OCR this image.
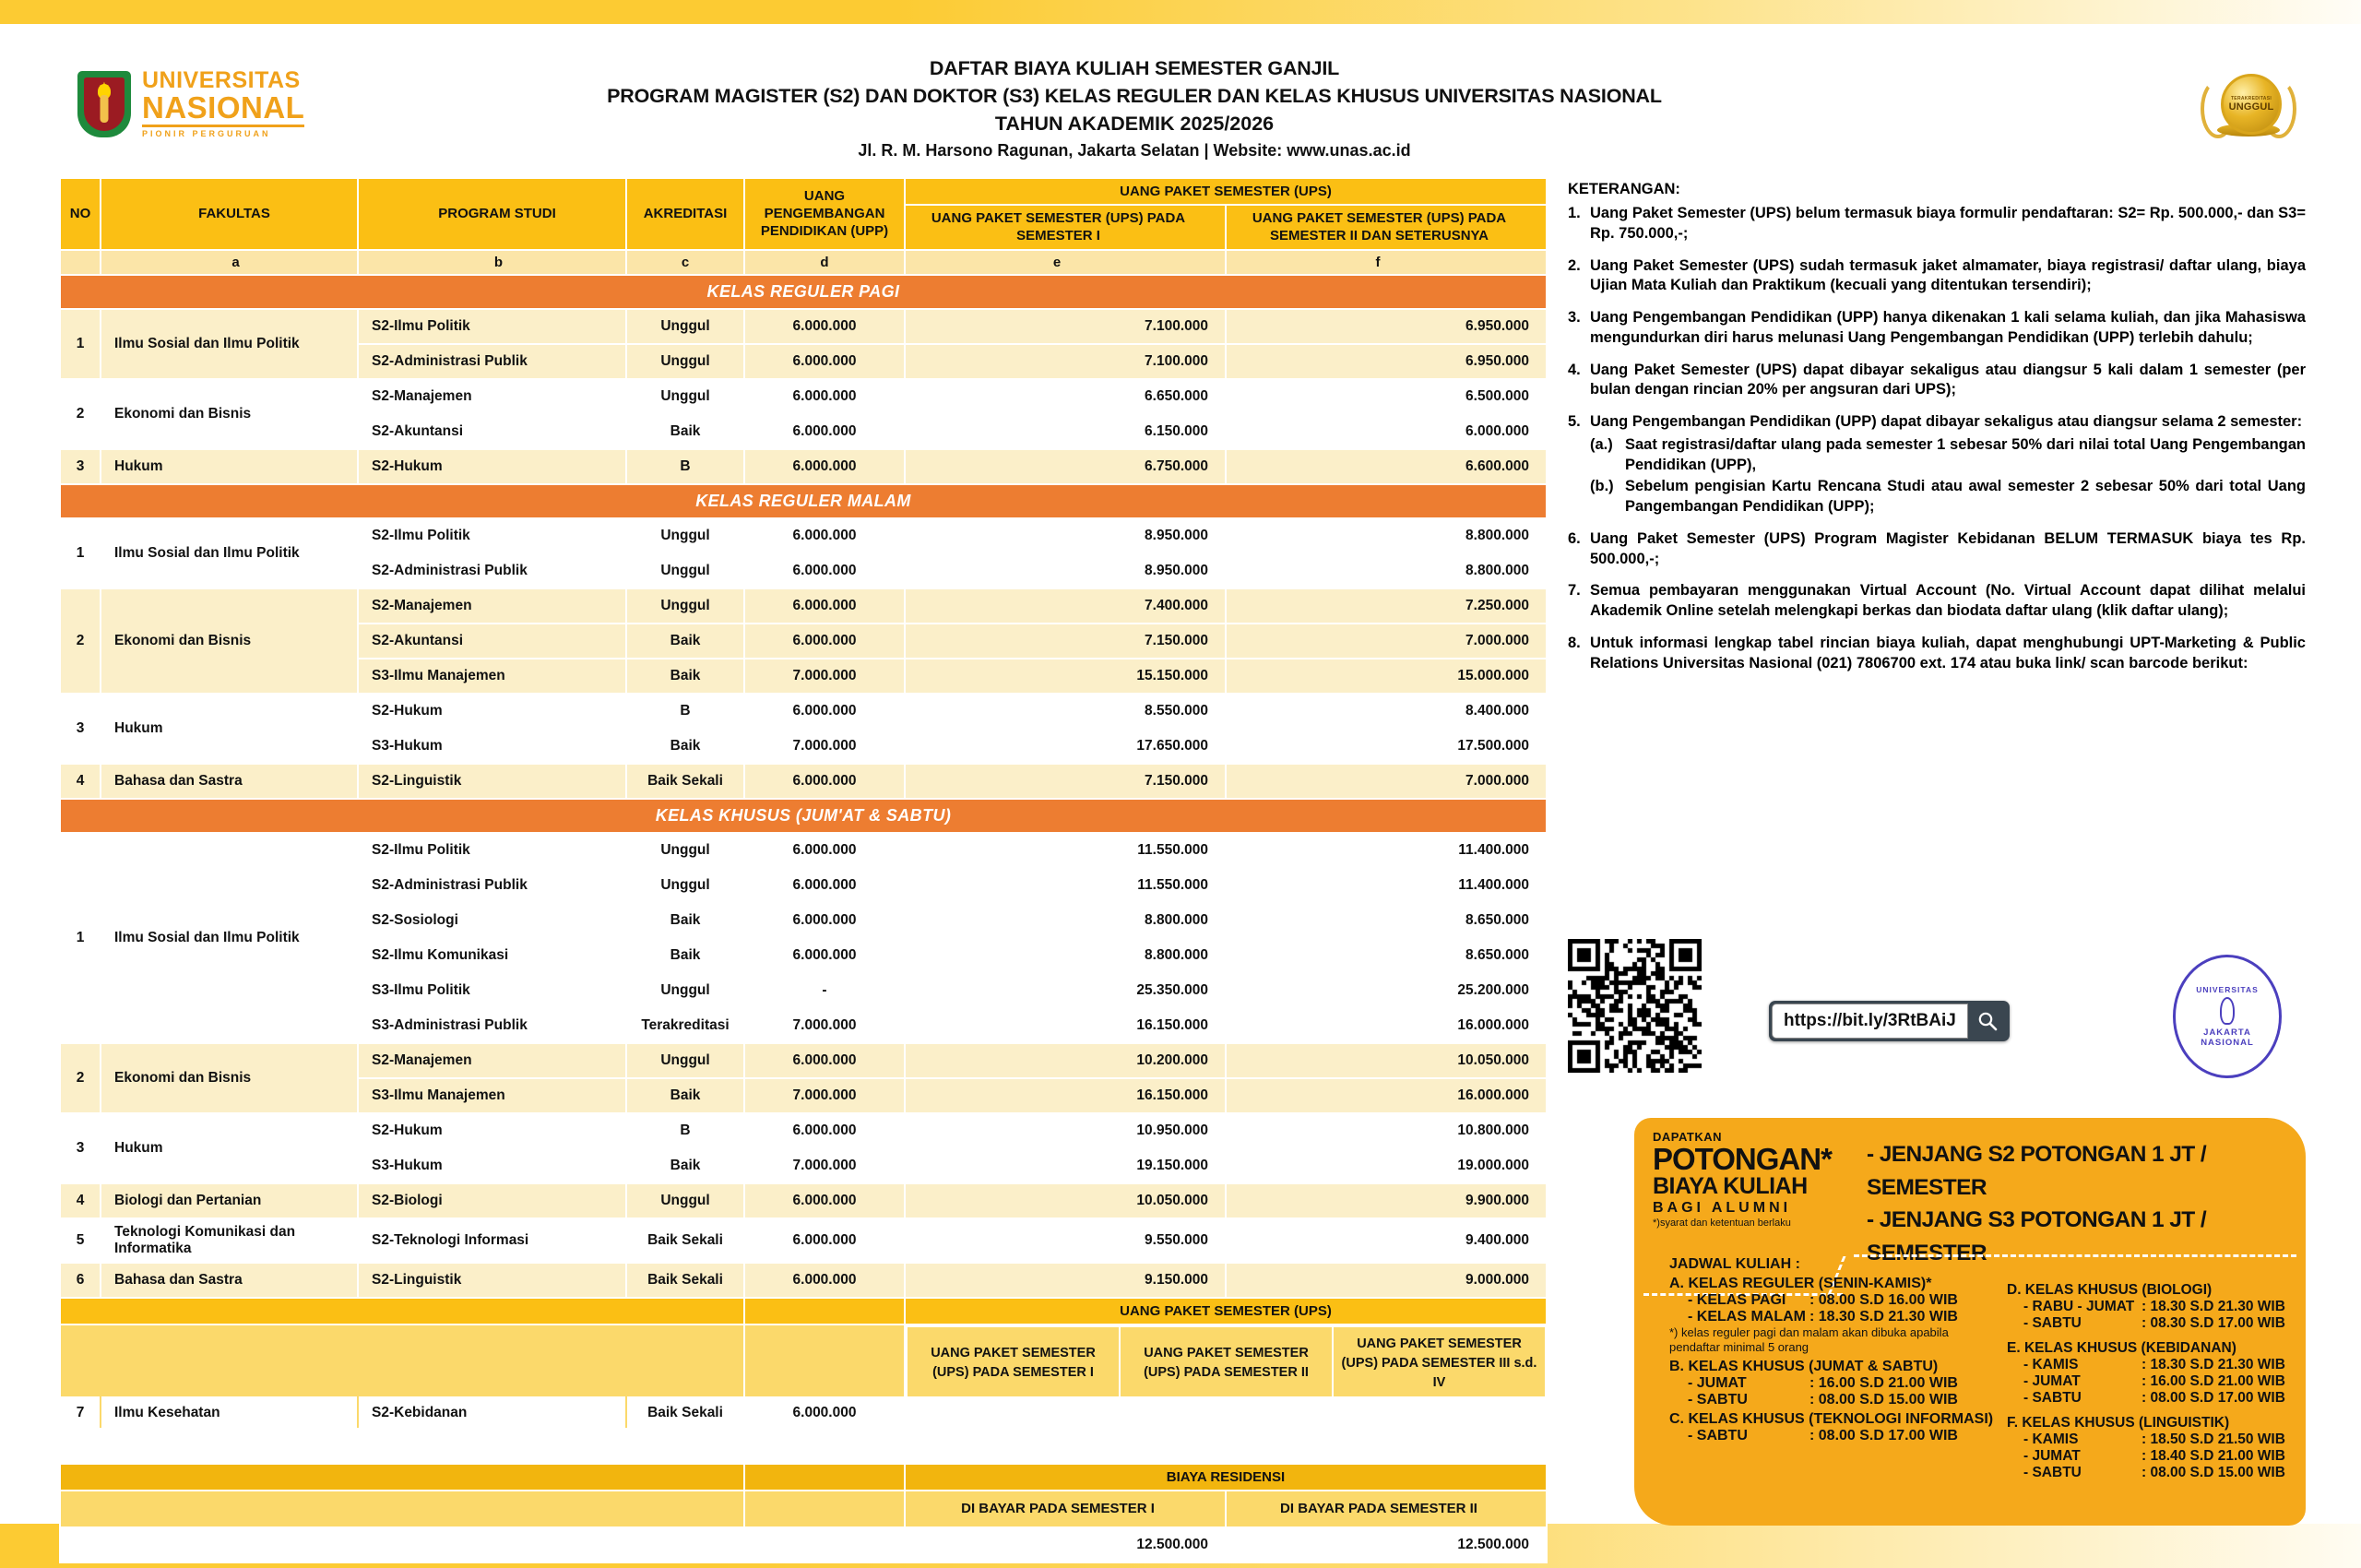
UNIVERSITAS
NASIONAL
PIONIR PERGURUAN
DAFTAR BIAYA KULIAH SEMESTER GANJIL
PROGRAM MAGISTER (S2) DAN DOKTOR (S3) KELAS REGULER DAN KELAS KHUSUS UNIVERSITAS NASIONAL
TAHUN AKADEMIK 2025/2026
Jl. R. M. Harsono Ragunan, Jakarta Selatan | Website: www.unas.ac.id
TERAKREDITASI
UNGGUL
NO	FAKULTAS	PROGRAM STUDI	AKREDITASI	UANG PENGEMBANGAN PENDIDIKAN (UPP)	UANG PAKET SEMESTER (UPS)
UANG PAKET SEMESTER (UPS) PADA SEMESTER I	UANG PAKET SEMESTER (UPS) PADA SEMESTER II DAN SETERUSNYA
	a	b	c	d	e	f
KELAS REGULER PAGI
1	Ilmu Sosial dan Ilmu Politik	S2-Ilmu Politik	Unggul	6.000.000	7.100.000	6.950.000
S2-Administrasi Publik	Unggul	6.000.000	7.100.000	6.950.000
2	Ekonomi dan Bisnis	S2-Manajemen	Unggul	6.000.000	6.650.000	6.500.000
S2-Akuntansi	Baik	6.000.000	6.150.000	6.000.000
3	Hukum	S2-Hukum	B	6.000.000	6.750.000	6.600.000
KELAS REGULER MALAM
1	Ilmu Sosial dan Ilmu Politik	S2-Ilmu Politik	Unggul	6.000.000	8.950.000	8.800.000
S2-Administrasi Publik	Unggul	6.000.000	8.950.000	8.800.000
2	Ekonomi dan Bisnis	S2-Manajemen	Unggul	6.000.000	7.400.000	7.250.000
S2-Akuntansi	Baik	6.000.000	7.150.000	7.000.000
S3-Ilmu Manajemen	Baik	7.000.000	15.150.000	15.000.000
3	Hukum	S2-Hukum	B	6.000.000	8.550.000	8.400.000
S3-Hukum	Baik	7.000.000	17.650.000	17.500.000
4	Bahasa dan Sastra	S2-Linguistik	Baik Sekali	6.000.000	7.150.000	7.000.000
KELAS KHUSUS (JUM'AT & SABTU)
1	Ilmu Sosial dan Ilmu Politik	S2-Ilmu Politik	Unggul	6.000.000	11.550.000	11.400.000
S2-Administrasi Publik	Unggul	6.000.000	11.550.000	11.400.000
S2-Sosiologi	Baik	6.000.000	8.800.000	8.650.000
S2-Ilmu Komunikasi	Baik	6.000.000	8.800.000	8.650.000
S3-Ilmu Politik	Unggul	-	25.350.000	25.200.000
S3-Administrasi Publik	Terakreditasi	7.000.000	16.150.000	16.000.000
2	Ekonomi dan Bisnis	S2-Manajemen	Unggul	6.000.000	10.200.000	10.050.000
S3-Ilmu Manajemen	Baik	7.000.000	16.150.000	16.000.000
3	Hukum	S2-Hukum	B	6.000.000	10.950.000	10.800.000
S3-Hukum	Baik	7.000.000	19.150.000	19.000.000
4	Biologi dan Pertanian	S2-Biologi	Unggul	6.000.000	10.050.000	9.900.000
5	Teknologi Komunikasi dan Informatika	S2-Teknologi Informasi	Baik Sekali	6.000.000	9.550.000	9.400.000
6	Bahasa dan Sastra	S2-Linguistik	Baik Sekali	6.000.000	9.150.000	9.000.000
		UANG PAKET SEMESTER (UPS)

UANG PAKET SEMESTER (UPS) PADA SEMESTER I	UANG PAKET SEMESTER (UPS) PADA SEMESTER II	UANG PAKET SEMESTER (UPS) PADA SEMESTER III s.d. IV

7	Ilmu Kesehatan	S2-Kebidanan	Baik Sekali	6.000.000	
		BIAYA RESIDENSI
		DI BAYAR PADA SEMESTER I	DI BAYAR PADA SEMESTER II
		12.500.000	12.500.000
KETERANGAN:
1. Uang Paket Semester (UPS) belum termasuk biaya formulir pendaftaran: S2= Rp. 500.000,- dan S3= Rp. 750.000,-;
2. Uang Paket Semester (UPS) sudah termasuk jaket almamater, biaya registrasi/ daftar ulang, biaya Ujian Mata Kuliah dan Praktikum (kecuali yang ditentukan tersendiri);
3. Uang Pengembangan Pendidikan (UPP) hanya dikenakan 1 kali selama kuliah, dan jika Mahasiswa mengundurkan diri harus melunasi Uang Pengembangan Pendidikan (UPP) terlebih dahulu;
4. Uang Paket Semester (UPS) dapat dibayar sekaligus atau diangsur 5 kali dalam 1 semester (per bulan dengan rincian 20% per angsuran dari UPS);
5. Uang Pengembangan Pendidikan (UPP) dapat dibayar sekaligus atau diangsur selama 2 semester:
(a.) Saat registrasi/daftar ulang pada semester 1 sebesar 50% dari nilai total Uang Pengembangan Pendidikan (UPP),
(b.) Sebelum pengisian Kartu Rencana Studi atau awal semester 2 sebesar 50% dari total Uang Pangembangan Pendidikan (UPP);
6. Uang Paket Semester (UPS) Program Magister Kebidanan BELUM TERMASUK biaya tes Rp. 500.000,-;
7. Semua pembayaran menggunakan Virtual Account (No. Virtual Account dapat dilihat melalui Akademik Online setelah melengkapi berkas dan biodata daftar ulang (klik daftar ulang);
8. Untuk informasi lengkap tabel rincian biaya kuliah, dapat menghubungi UPT-Marketing & Public Relations Universitas Nasional (021) 7806700 ext. 174 atau buka link/ scan barcode berikut:
https://bit.ly/3RtBAiJ
UNIVERSITAS
JAKARTA
NASIONAL
DAPATKAN
POTONGAN*
BIAYA KULIAH
BAGI ALUMNI
*)syarat dan ketentuan berlaku
- JENJANG S2 POTONGAN 1 JT / SEMESTER
- JENJANG S3 POTONGAN 1 JT / SEMESTER
JADWAL KULIAH :
A. KELAS REGULER (SENIN-KAMIS)*
- KELAS PAGI	: 08.00 S.D 16.00 WIB
- KELAS MALAM : 18.30 S.D 21.30 WIB
*) kelas reguler pagi dan malam akan dibuka apabila pendaftar minimal 5 orang
B. KELAS KHUSUS (JUMAT & SABTU)
- JUMAT	: 16.00 S.D 21.00 WIB
- SABTU	: 08.00 S.D 15.00 WIB
C. KELAS KHUSUS (TEKNOLOGI INFORMASI)
- SABTU	: 08.00 S.D 17.00 WIB
D. KELAS KHUSUS (BIOLOGI)
- RABU - JUMAT : 18.30 S.D 21.30 WIB
- SABTU	: 08.30 S.D 17.00 WIB
E. KELAS KHUSUS (KEBIDANAN)
- KAMIS	: 18.30 S.D 21.30 WIB
- JUMAT	: 16.00 S.D 21.00 WIB
- SABTU	: 08.00 S.D 17.00 WIB
F. KELAS KHUSUS (LINGUISTIK)
- KAMIS	: 18.50 S.D 21.50 WIB
- JUMAT	: 18.40 S.D 21.00 WIB
- SABTU	: 08.00 S.D 15.00 WIB
